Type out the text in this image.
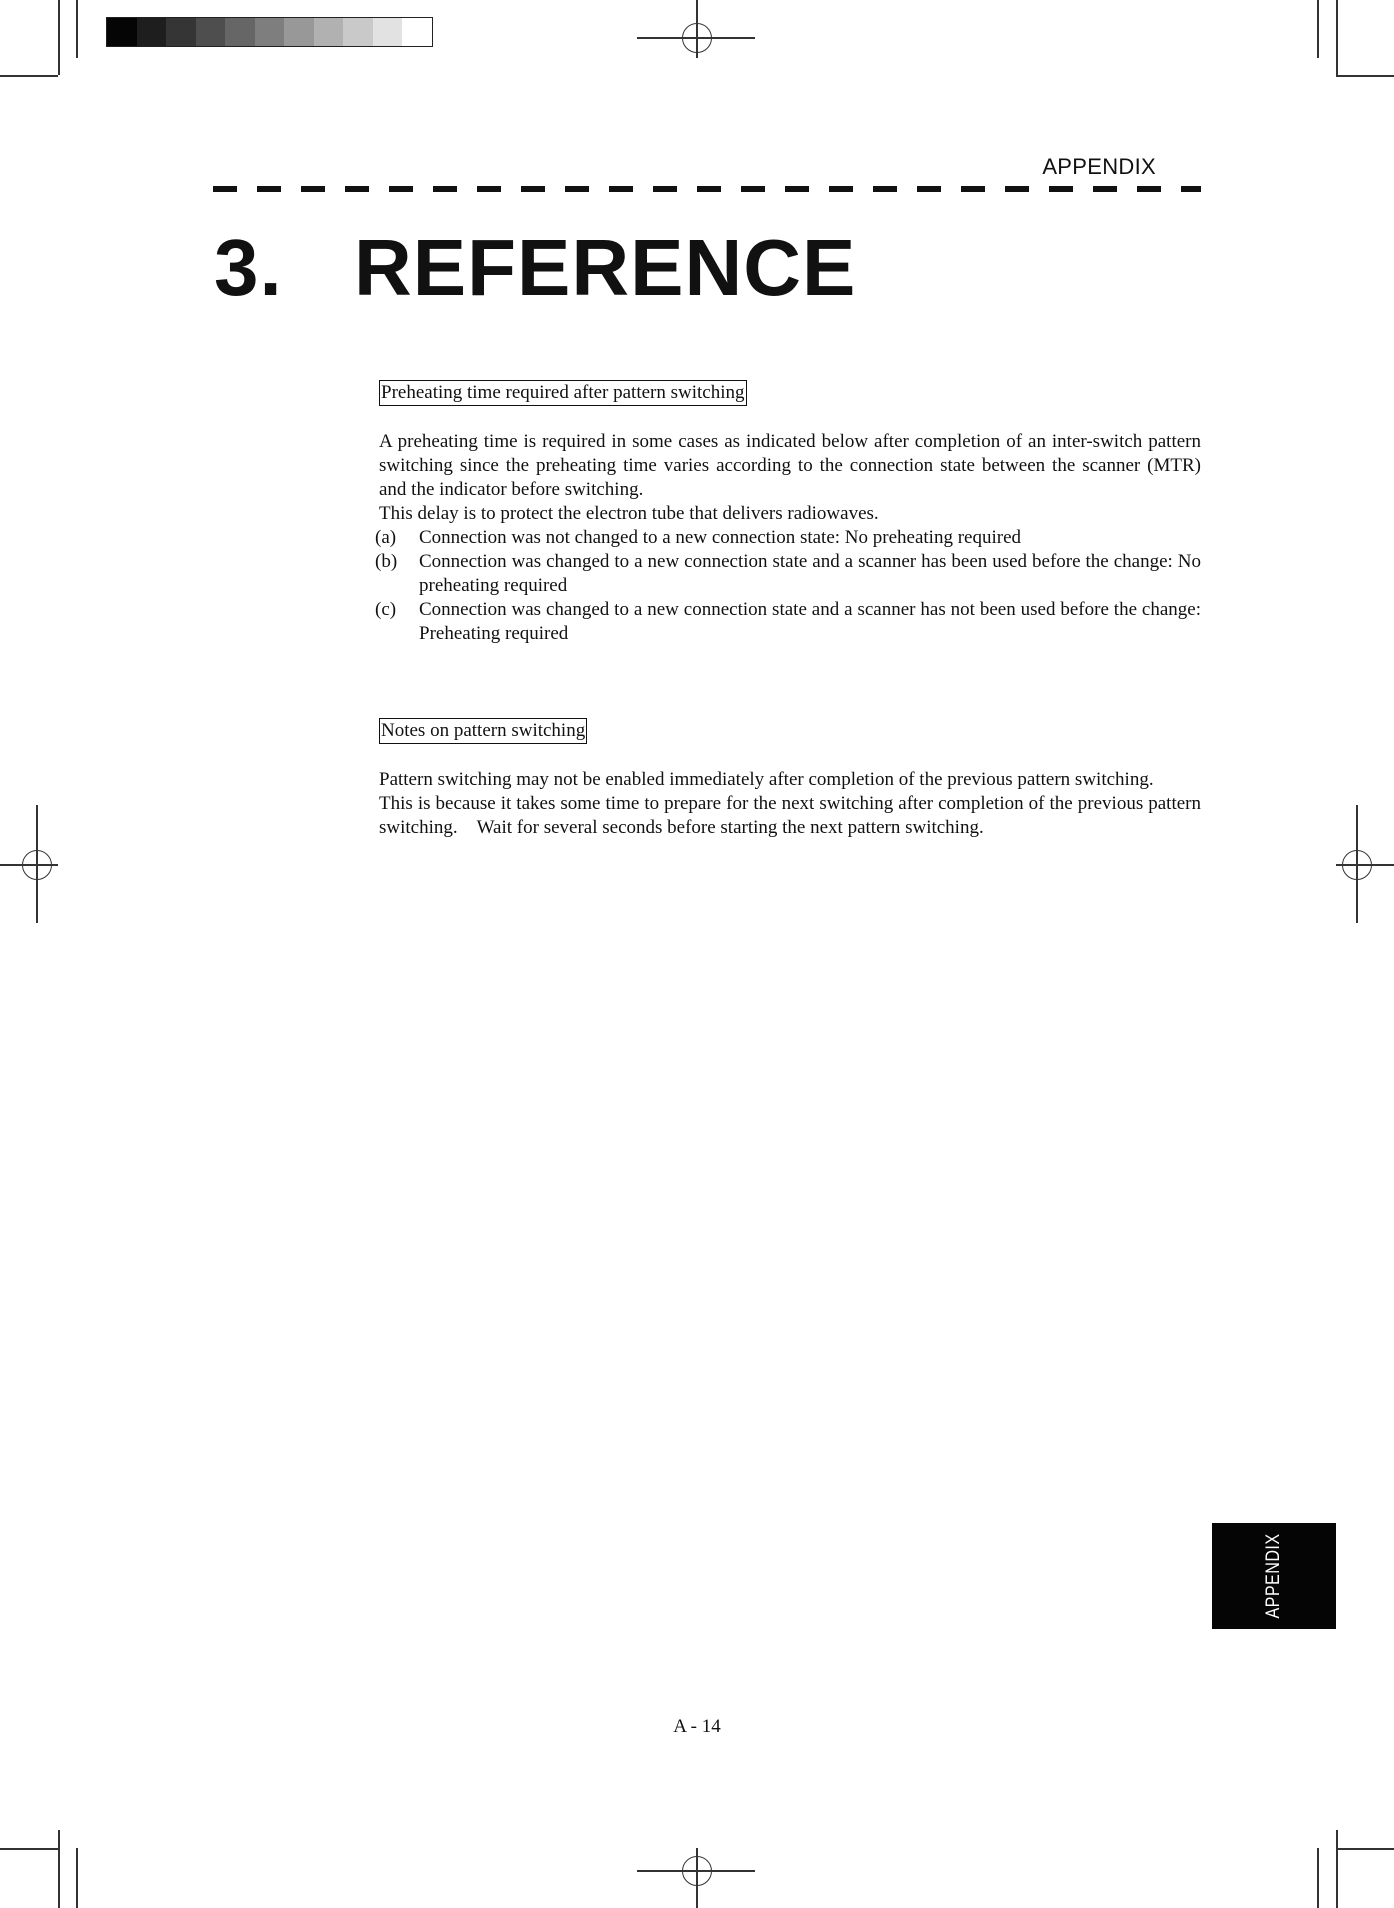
APPENDIX
3. REFERENCE
Preheating time required after pattern switching

A preheating time is required in some cases as indicated below after completion of an inter-switch pattern switching since the preheating time varies according to the connection state between the scanner (MTR) and the indicator before switching.

This delay is to protect the electron tube that delivers radiowaves.

(a)	Connection was not changed to a new connection state: No preheating required
(b)	Connection was changed to a new connection state and a scanner has been used before the change: No preheating required
(c)	Connection was changed to a new connection state and a scanner has not been used before the change: Preheating required
Notes on pattern switching

Pattern switching may not be enabled immediately after completion of the previous pattern switching.

This is because it takes some time to prepare for the next switching after completion of the previous pattern switching.    Wait for several seconds before starting the next pattern switching.

APPENDIX
A - 14
